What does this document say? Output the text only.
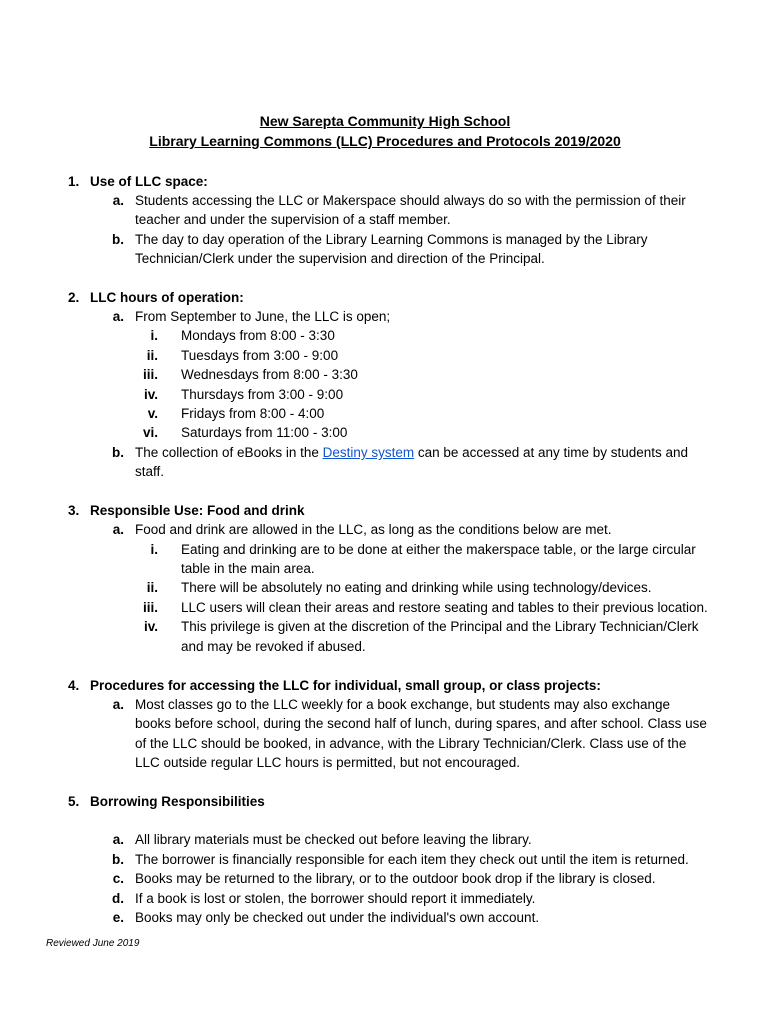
New Sarepta Community High School
Library Learning Commons (LLC) Procedures and Protocols 2019/2020
1. Use of LLC space:
a. Students accessing the LLC or Makerspace should always do so with the permission of their
teacher and under the supervision of a staff member.
b. The day to day operation of the Library Learning Commons is managed by the Library
Technician/Clerk under the supervision and direction of the Principal.
2. LLC hours of operation:
a. From September to June, the LLC is open;
i. Mondays from 8:00 - 3:30
ii. Tuesdays from 3:00 - 9:00
iii. Wednesdays from 8:00 - 3:30
iv. Thursdays from 3:00 - 9:00
v. Fridays from 8:00 - 4:00
vi. Saturdays from 11:00 - 3:00
b. The collection of eBooks in the Destiny system can be accessed at any time by students and
staff.
3. Responsible Use: Food and drink
a. Food and drink are allowed in the LLC, as long as the conditions below are met.
i. Eating and drinking are to be done at either the makerspace table, or the large circular
table in the main area.
ii. There will be absolutely no eating and drinking while using technology/devices.
iii. LLC users will clean their areas and restore seating and tables to their previous location.
iv. This privilege is given at the discretion of the Principal and the Library Technician/Clerk
and may be revoked if abused.
4. Procedures for accessing the LLC for individual, small group, or class projects:
a. Most classes go to the LLC weekly for a book exchange, but students may also exchange
books before school, during the second half of lunch, during spares, and after school. Class use
of the LLC should be booked, in advance, with the Library Technician/Clerk. Class use of the
LLC outside regular LLC hours is permitted, but not encouraged.
5. Borrowing Responsibilities
a. All library materials must be checked out before leaving the library.
b. The borrower is financially responsible for each item they check out until the item is returned.
c. Books may be returned to the library, or to the outdoor book drop if the library is closed.
d. If a book is lost or stolen, the borrower should report it immediately.
e. Books may only be checked out under the individual's own account.
Reviewed June 2019
